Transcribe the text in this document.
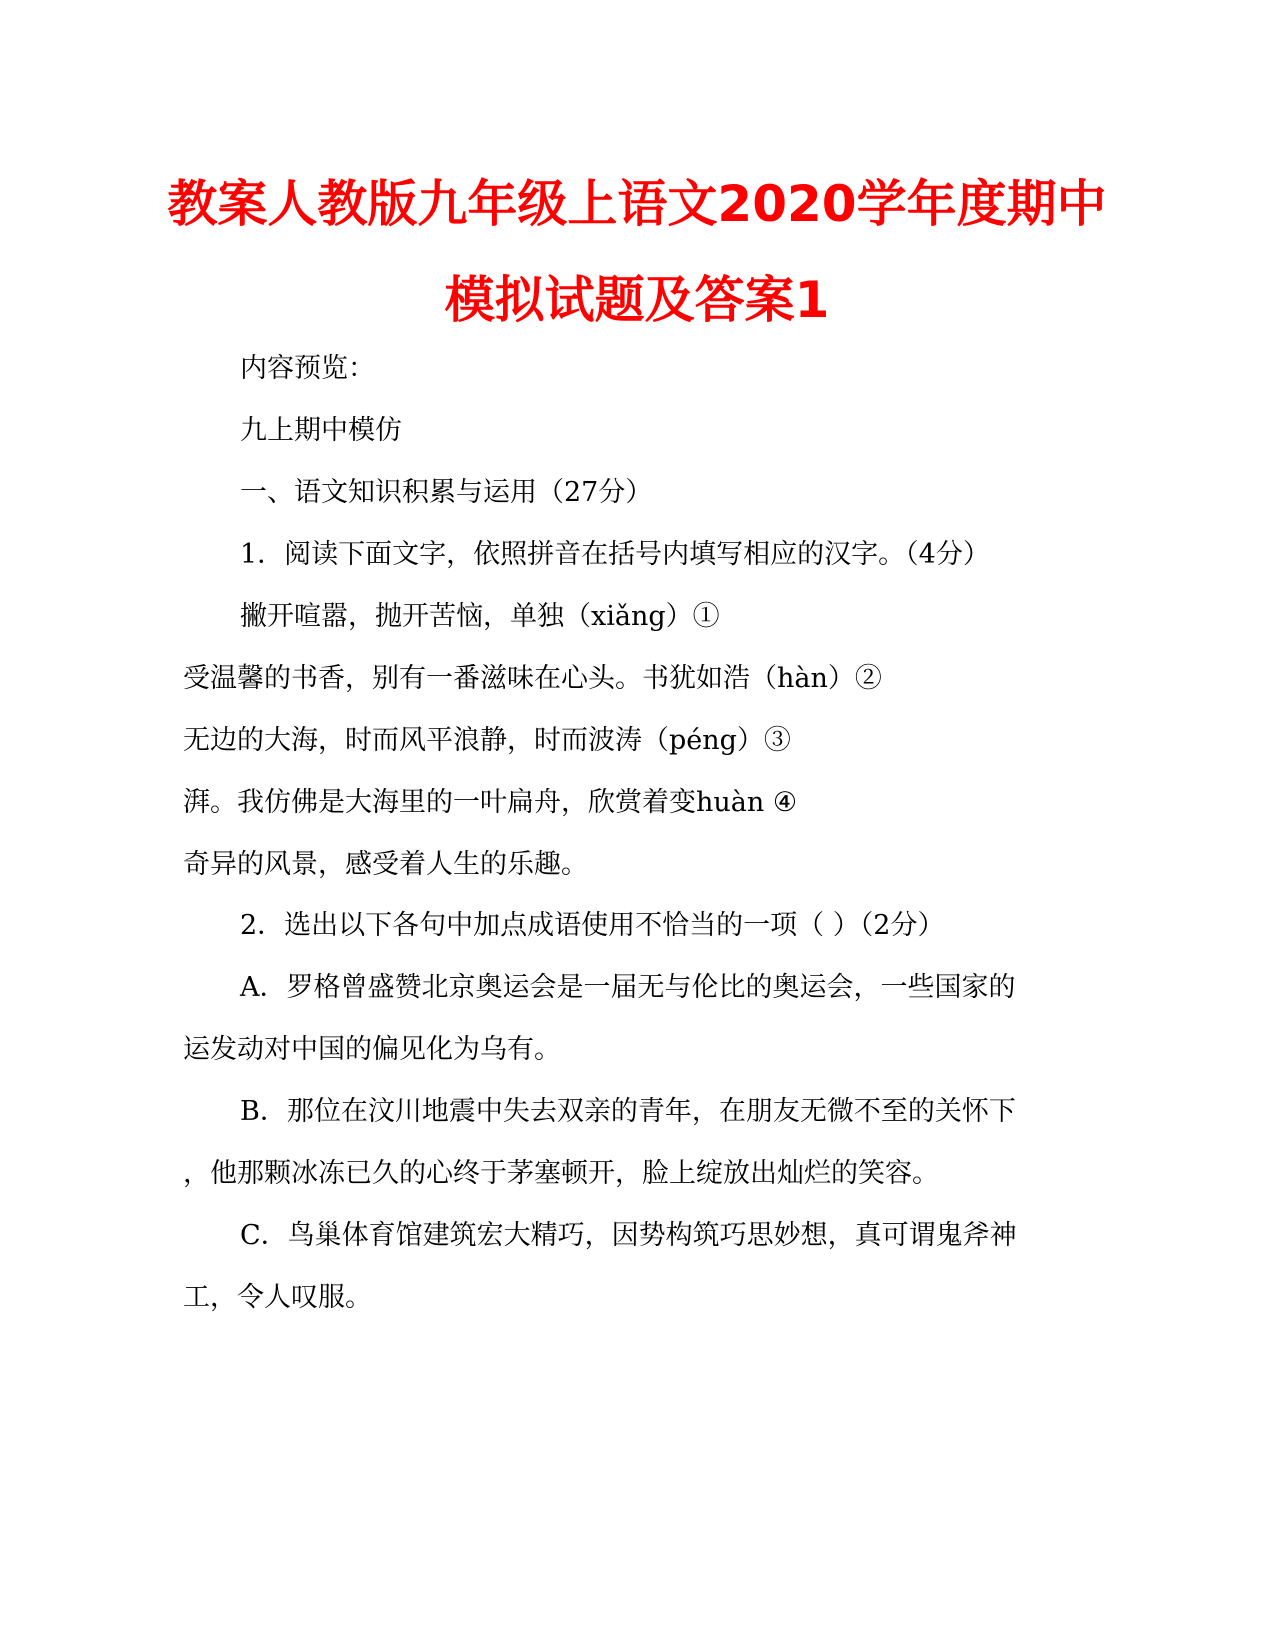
教案人教版九年级上语文2020学年度期中
模拟试题及答案1
内容预览：
九上期中模仿
一、语文知识积累与运用（27分）
1．阅读下面文字，依照拼音在括号内填写相应的汉字。（4分）
撇开喧嚣，抛开苦恼，单独（xiǎng）①
受温馨的书香，别有一番滋味在心头。书犹如浩（hàn）②
无边的大海，时而风平浪静，时而波涛（péng）③
湃。我仿佛是大海里的一叶扁舟，欣赏着变huàn ④
奇异的风景，感受着人生的乐趣。
2．选出以下各句中加点成语使用不恰当的一项（ ）（2分）
A．罗格曾盛赞北京奥运会是一届无与伦比的奥运会，一些国家的
运发动对中国的偏见化为乌有。
B．那位在汶川地震中失去双亲的青年，在朋友无微不至的关怀下
，他那颗冰冻已久的心终于茅塞顿开，脸上绽放出灿烂的笑容。
C．鸟巢体育馆建筑宏大精巧，因势构筑巧思妙想，真可谓鬼斧神
工，令人叹服。
